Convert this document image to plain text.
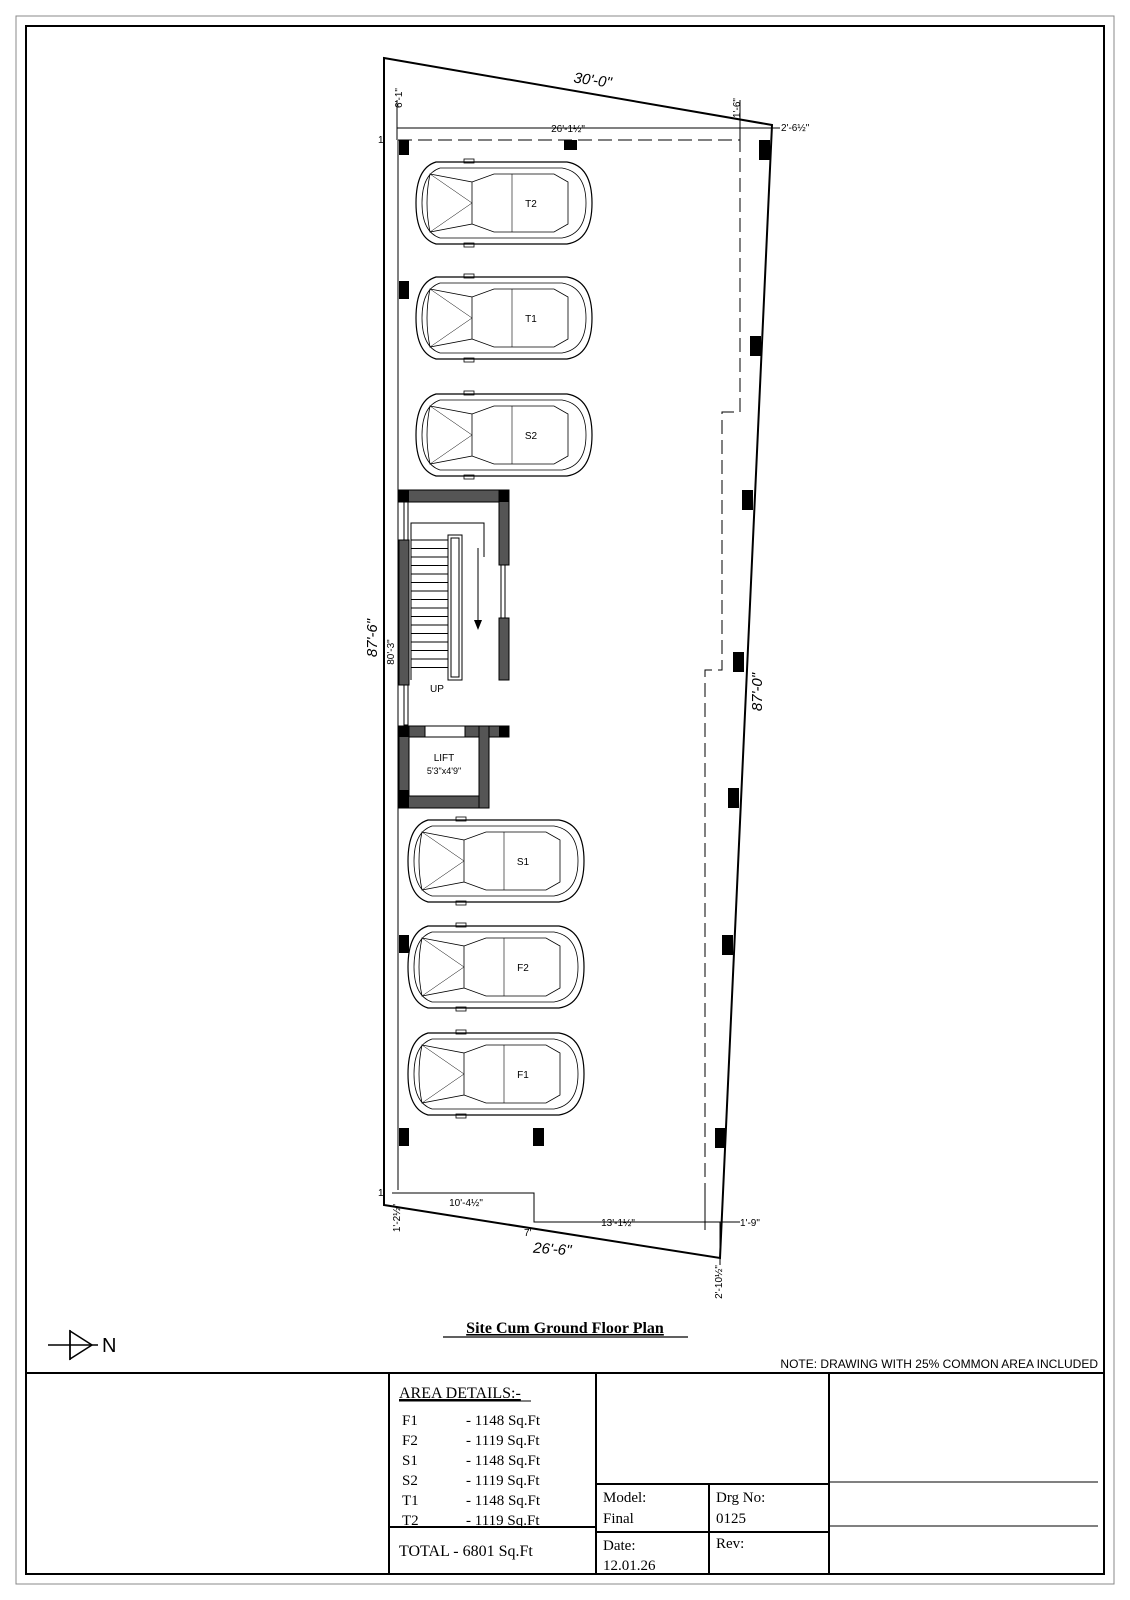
T2
T1
S2
S1
F2
F1
UP
LIFT
5'3"x4'9"
30'-0"
26'-1½"
6'-1"
1'-6"
2'-6½"
1'
1'
87'-6" 80'-3"
87'-0"
26'-6"
10'-4½"
13'-1½"
1'-2½"
7'
1'-9"
2'-10½"
N
Site Cum Ground Floor Plan
NOTE: DRAWING WITH 25% COMMON AREA INCLUDED
AREA DETAILS:-
F1	- 1148 Sq.Ft
F2	- 1119 Sq.Ft
S1	- 1148 Sq.Ft
S2	- 1119 Sq.Ft
T1	- 1148 Sq.Ft
T2	- 1119 Sq.Ft
TOTAL - 6801 Sq.Ft
Model:
Final
Drg No:
0125
Date:
12.01.26
Rev:
